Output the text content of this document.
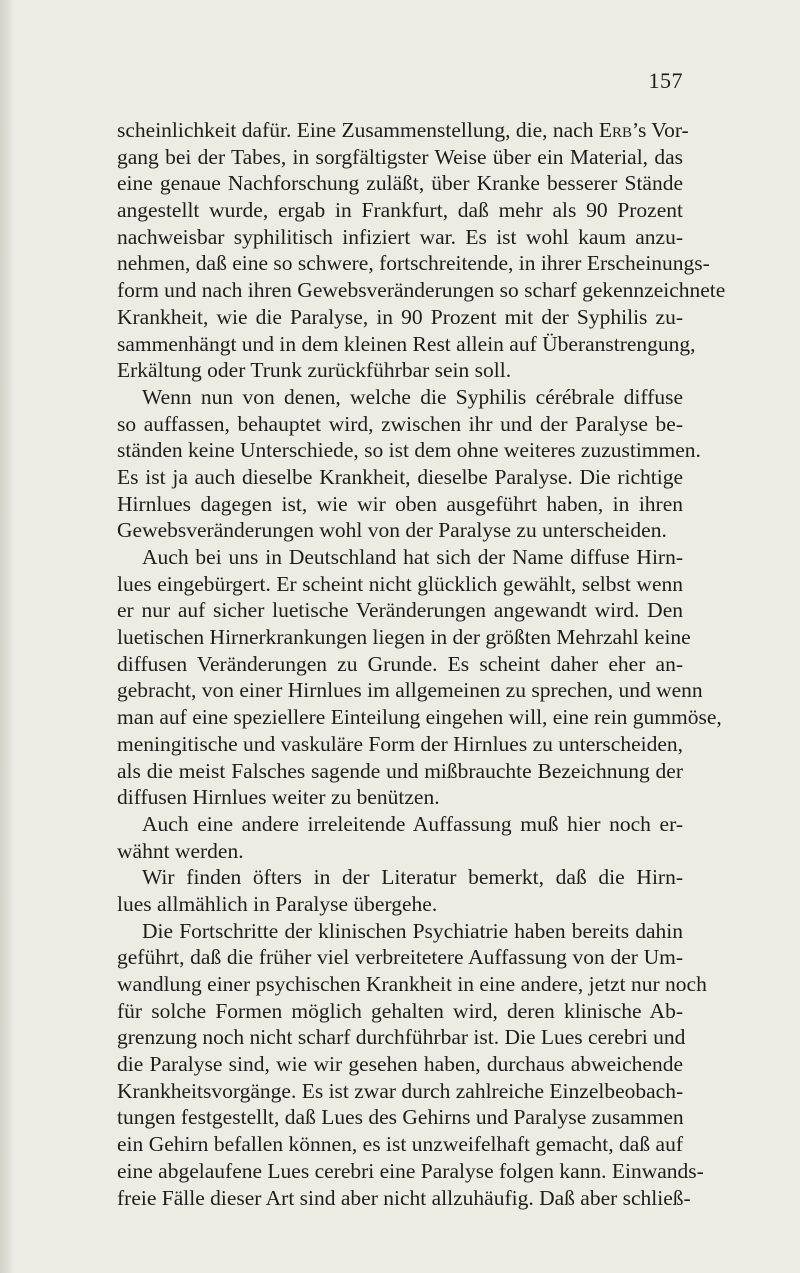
157
scheinlichkeit dafür. Eine Zusammenstellung, die, nach Erb’s Vor-
gang bei der Tabes, in sorgfältigster Weise über ein Material, das
eine genaue Nachforschung zuläßt, über Kranke besserer Stände
angestellt wurde, ergab in Frankfurt, daß mehr als 90 Prozent
nachweisbar syphilitisch infiziert war. Es ist wohl kaum anzu-
nehmen, daß eine so schwere, fortschreitende, in ihrer Erscheinungs-
form und nach ihren Gewebsveränderungen so scharf gekennzeichnete
Krankheit, wie die Paralyse, in 90 Prozent mit der Syphilis zu-
sammenhängt und in dem kleinen Rest allein auf Überanstrengung,
Erkältung oder Trunk zurückführbar sein soll.
Wenn nun von denen, welche die Syphilis cérébrale diffuse
so auffassen, behauptet wird, zwischen ihr und der Paralyse be-
ständen keine Unterschiede, so ist dem ohne weiteres zuzustimmen.
Es ist ja auch dieselbe Krankheit, dieselbe Paralyse. Die richtige
Hirnlues dagegen ist, wie wir oben ausgeführt haben, in ihren
Gewebsveränderungen wohl von der Paralyse zu unterscheiden.
Auch bei uns in Deutschland hat sich der Name diffuse Hirn-
lues eingebürgert. Er scheint nicht glücklich gewählt, selbst wenn
er nur auf sicher luetische Veränderungen angewandt wird. Den
luetischen Hirnerkrankungen liegen in der größten Mehrzahl keine
diffusen Veränderungen zu Grunde. Es scheint daher eher an-
gebracht, von einer Hirnlues im allgemeinen zu sprechen, und wenn
man auf eine speziellere Einteilung eingehen will, eine rein gummöse,
meningitische und vaskuläre Form der Hirnlues zu unterscheiden,
als die meist Falsches sagende und mißbrauchte Bezeichnung der
diffusen Hirnlues weiter zu benützen.
Auch eine andere irreleitende Auffassung muß hier noch er-
wähnt werden.
Wir finden öfters in der Literatur bemerkt, daß die Hirn-
lues allmählich in Paralyse übergehe.
Die Fortschritte der klinischen Psychiatrie haben bereits dahin
geführt, daß die früher viel verbreitetere Auffassung von der Um-
wandlung einer psychischen Krankheit in eine andere, jetzt nur noch
für solche Formen möglich gehalten wird, deren klinische Ab-
grenzung noch nicht scharf durchführbar ist. Die Lues cerebri und
die Paralyse sind, wie wir gesehen haben, durchaus abweichende
Krankheitsvorgänge. Es ist zwar durch zahlreiche Einzelbeobach-
tungen festgestellt, daß Lues des Gehirns und Paralyse zusammen
ein Gehirn befallen können, es ist unzweifelhaft gemacht, daß auf
eine abgelaufene Lues cerebri eine Paralyse folgen kann. Einwands-
freie Fälle dieser Art sind aber nicht allzuhäufig. Daß aber schließ-
